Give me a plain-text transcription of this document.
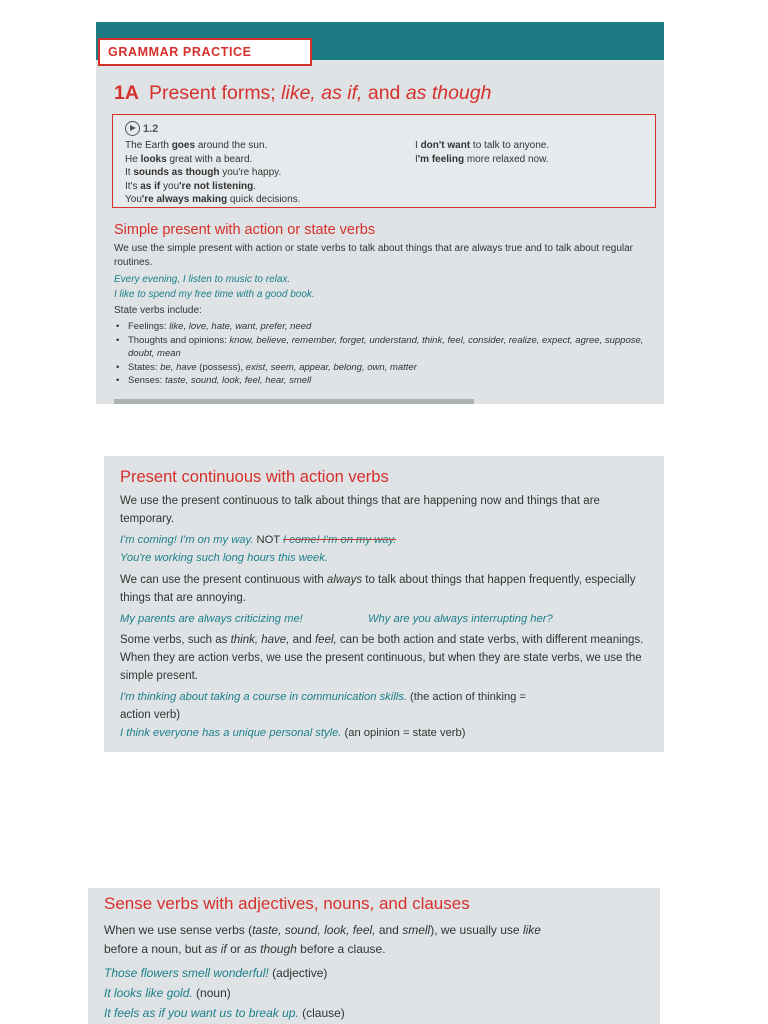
GRAMMAR PRACTICE
1A Present forms; like, as if, and as though
1.2
The Earth goes around the sun.
He looks great with a beard.
It sounds as though you're happy.
It's as if you're not listening.
You're always making quick decisions.
I don't want to talk to anyone.
I'm feeling more relaxed now.
Simple present with action or state verbs
We use the simple present with action or state verbs to talk about things that are always true and to talk about regular routines.
Every evening, I listen to music to relax.
I like to spend my free time with a good book.
State verbs include:
• Feelings: like, love, hate, want, prefer, need
• Thoughts and opinions: know, believe, remember, forget, understand, think, feel, consider, realize, expect, agree, suppose, doubt, mean
• States: be, have (possess), exist, seem, appear, belong, own, matter
• Senses: taste, sound, look, feel, hear, smell
Present continuous with action verbs
We use the present continuous to talk about things that are happening now and things that are temporary.
I'm coming! I'm on my way. NOT I come! I'm on my way.
You're working such long hours this week.
We can use the present continuous with always to talk about things that happen frequently, especially things that are annoying.
My parents are always criticizing me!	Why are you always interrupting her?
Some verbs, such as think, have, and feel, can be both action and state verbs, with different meanings. When they are action verbs, we use the present continuous, but when they are state verbs, we use the simple present.
I'm thinking about taking a course in communication skills. (the action of thinking =
action verb)
I think everyone has a unique personal style. (an opinion = state verb)
Sense verbs with adjectives, nouns, and clauses
When we use sense verbs (taste, sound, look, feel, and smell), we usually use like
before a noun, but as if or as though before a clause.
Those flowers smell wonderful! (adjective)
It looks like gold. (noun)
It feels as if you want us to break up. (clause)
